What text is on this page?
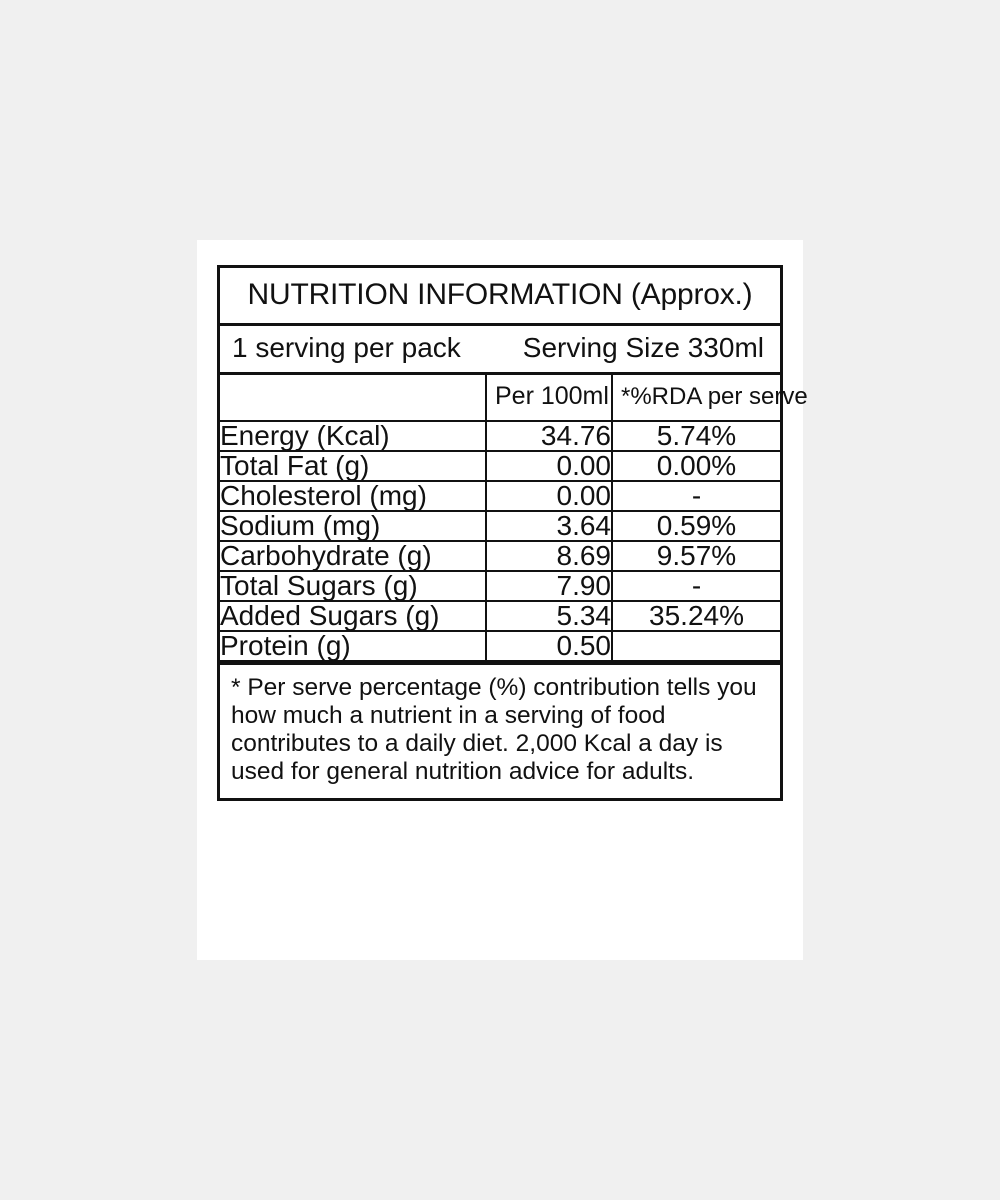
NUTRITION INFORMATION (Approx.)
1 serving per pack Serving Size 330ml
	Per 100ml	*%RDA per serve
Energy (Kcal)	34.76	5.74%
Total Fat (g)	0.00	0.00%
Cholesterol (mg)	0.00	-
Sodium (mg)	3.64	0.59%
Carbohydrate (g)	8.69	9.57%
Total Sugars (g)	7.90	-
Added Sugars (g)	5.34	35.24%
Protein (g)	0.50	
* Per serve percentage (%) contribution tells you how much a nutrient in a serving of food contributes to a daily diet. 2,000 Kcal a day is used for general nutrition advice for adults.
